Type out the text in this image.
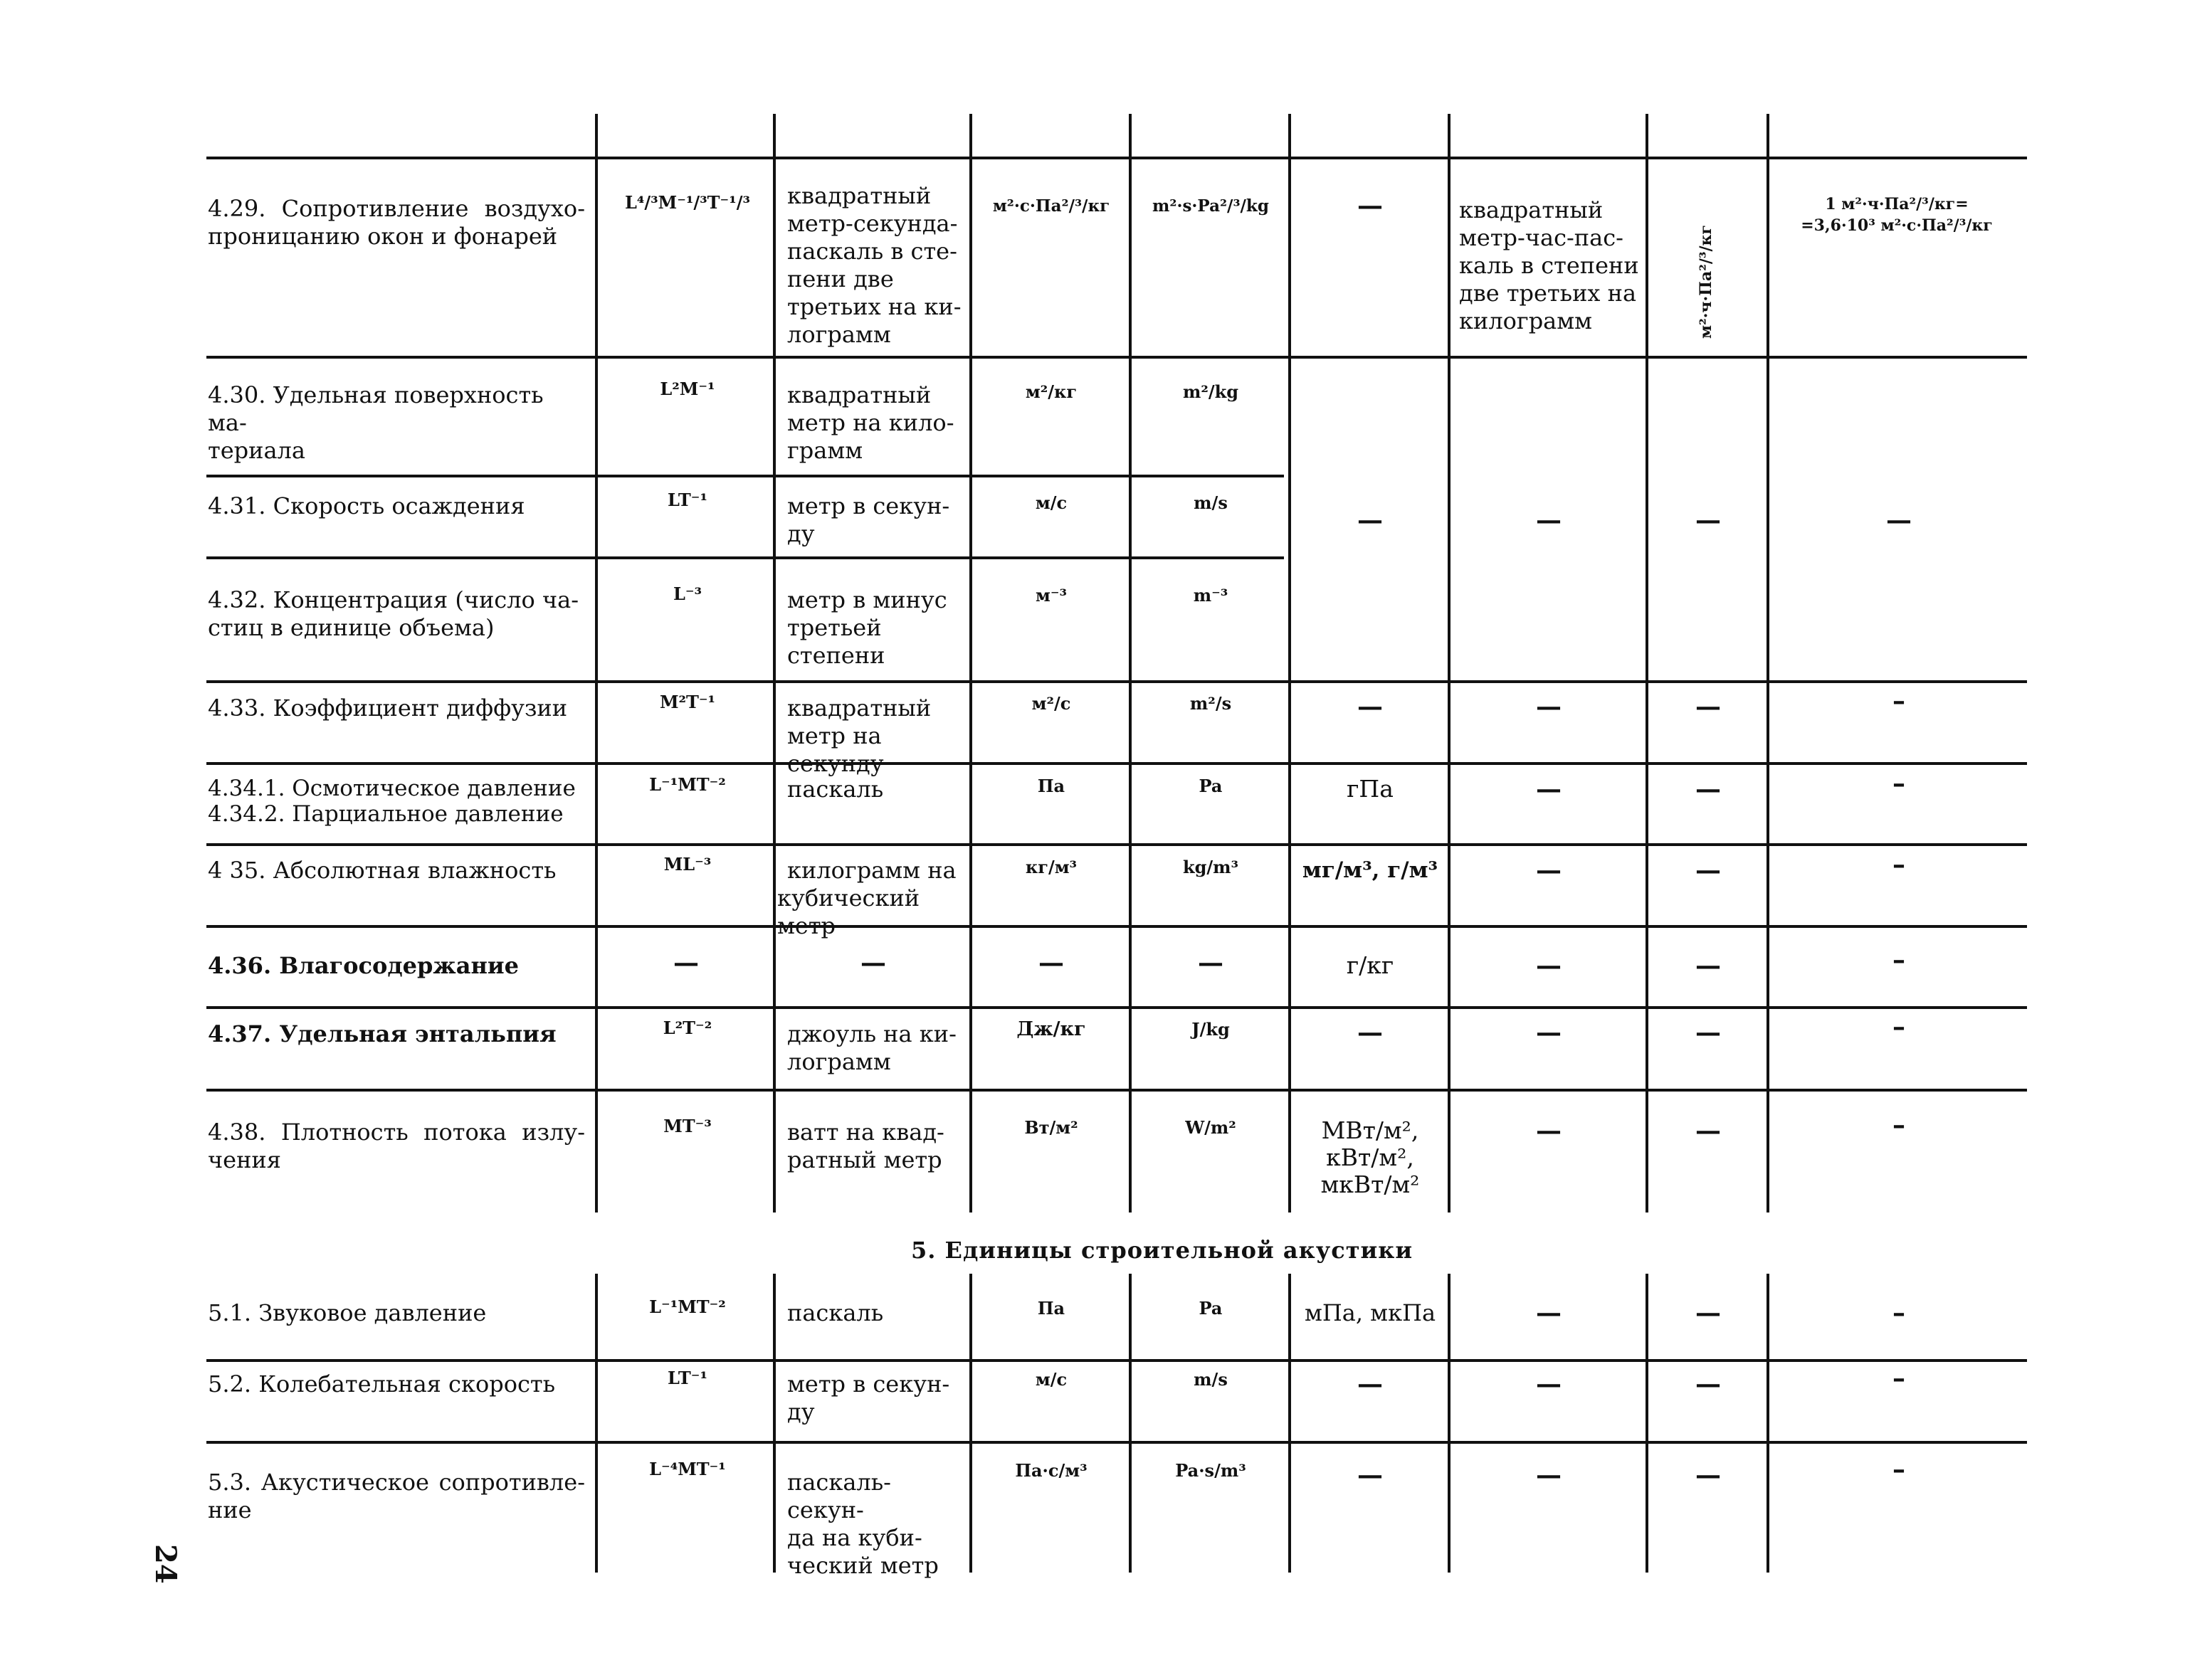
4.29. Сопротивление воздухо-
проницанию окон и фонарей
L⁴/³M⁻¹/³T⁻¹/³	квадратный
метр-секунда-
паскаль в сте-
пени две
третьих на ки-
лограмм
м²·с·Па²/³/кг	m²·s·Pa²/³/kg	—	квадратный
метр-час-пас-
каль в степени
две третьих на
килограмм	м²·ч·Па²/³/кг
1 м²·ч·Па²/³/кг=
=3,6·10³ м²·с·Па²/³/кг
4.30. Удельная поверхность ма-
териала
L²M⁻¹	квадратный
метр на кило-
грамм
м²/кг	m²/kg
4.31. Скорость осаждения	LT⁻¹	метр в секун-
ду
м/с	m/s
4.32. Концентрация (число ча-
стиц в единице объема)
L⁻³	метр в минус
третьей степени
м⁻³	m⁻³
—	—	—	—
4.33. Коэффициент диффузии	M²T⁻¹	квадратный
метр на секунду
м²/с	m²/s	—	—	—	–
4.34.1. Осмотическое давление
4.34.2. Парциальное давление
L⁻¹MT⁻²	паскаль	Па	Pa	гПа	—	—	–
4 35. Абсолютная влажность	ML⁻³	килограмм на
кубический метр
кг/м³	kg/m³	мг/м³, г/м³	—	—	–
4.36. Влагосодержание	—	—	—	—	г/кг	—	—	–
4.37. Удельная энтальпия	L²T⁻²	джоуль на ки-
лограмм
Дж/кг	J/kg	—	—	—	–
4.38. Плотность потока излу-
чения
MT⁻³	ватт на квад-
ратный метр
Вт/м²	W/m²	МВт/м²,
кВт/м²,
мкВт/м²
—	—	–
5. Единицы строительной акустики
5.1. Звуковое давление	L⁻¹MT⁻²	паскаль	Па	Pa	мПа, мкПа	—	—	–
5.2. Колебательная скорость	LT⁻¹	метр в секун-
ду
м/с	m/s	—	—	—	–
5.3. Акустическое сопротивле-
ние
L⁻⁴MT⁻¹	паскаль-секун-
да на куби-
ческий метр
Па·с/м³	Pa·s/m³	—	—	—	–
24
